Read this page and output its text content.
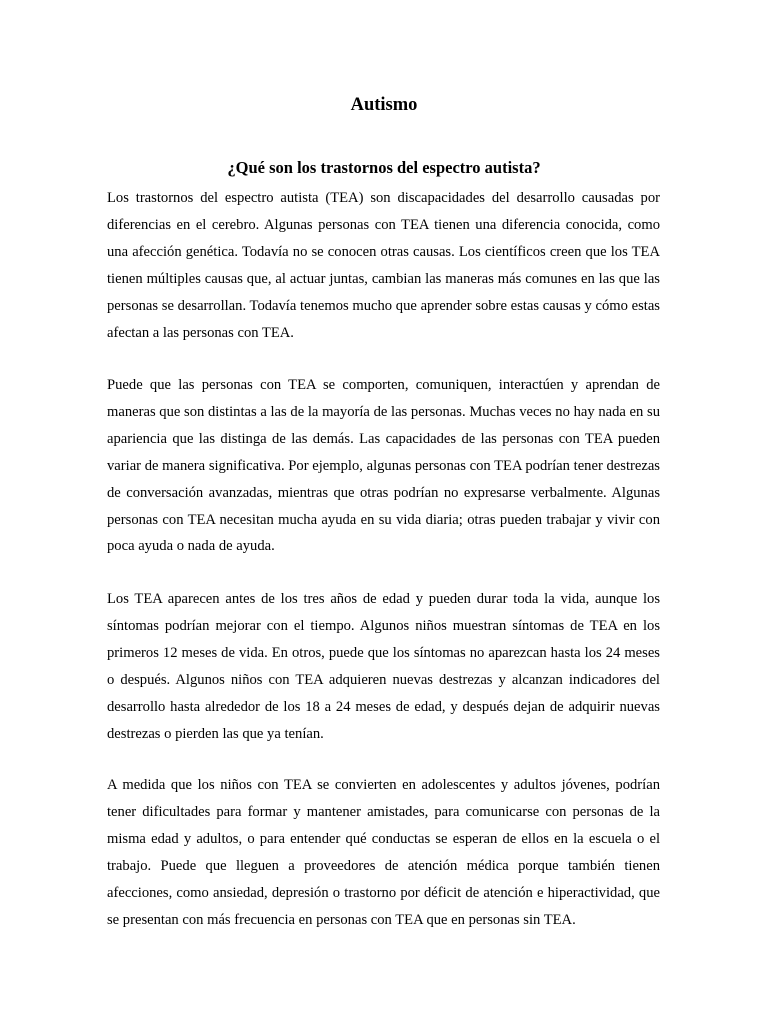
Autismo
¿Qué son los trastornos del espectro autista?

Los trastornos del espectro autista (TEA) son discapacidades del desarrollo causadas por diferencias en el cerebro. Algunas personas con TEA tienen una diferencia conocida, como una afección genética. Todavía no se conocen otras causas. Los científicos creen que los TEA tienen múltiples causas que, al actuar juntas, cambian las maneras más comunes en las que las personas se desarrollan. Todavía tenemos mucho que aprender sobre estas causas y cómo estas afectan a las personas con TEA.

Puede que las personas con TEA se comporten, comuniquen, interactúen y aprendan de maneras que son distintas a las de la mayoría de las personas. Muchas veces no hay nada en su apariencia que las distinga de las demás. Las capacidades de las personas con TEA pueden variar de manera significativa. Por ejemplo, algunas personas con TEA podrían tener destrezas de conversación avanzadas, mientras que otras podrían no expresarse verbalmente. Algunas personas con TEA necesitan mucha ayuda en su vida diaria; otras pueden trabajar y vivir con poca ayuda o nada de ayuda.

Los TEA aparecen antes de los tres años de edad y pueden durar toda la vida, aunque los síntomas podrían mejorar con el tiempo. Algunos niños muestran síntomas de TEA en los primeros 12 meses de vida. En otros, puede que los síntomas no aparezcan hasta los 24 meses o después. Algunos niños con TEA adquieren nuevas destrezas y alcanzan indicadores del desarrollo hasta alrededor de los 18 a 24 meses de edad, y después dejan de adquirir nuevas destrezas o pierden las que ya tenían.

A medida que los niños con TEA se convierten en adolescentes y adultos jóvenes, podrían tener dificultades para formar y mantener amistades, para comunicarse con personas de la misma edad y adultos, o para entender qué conductas se esperan de ellos en la escuela o el trabajo. Puede que lleguen a proveedores de atención médica porque también tienen afecciones, como ansiedad, depresión o trastorno por déficit de atención e hiperactividad, que se presentan con más frecuencia en personas con TEA que en personas sin TEA.
